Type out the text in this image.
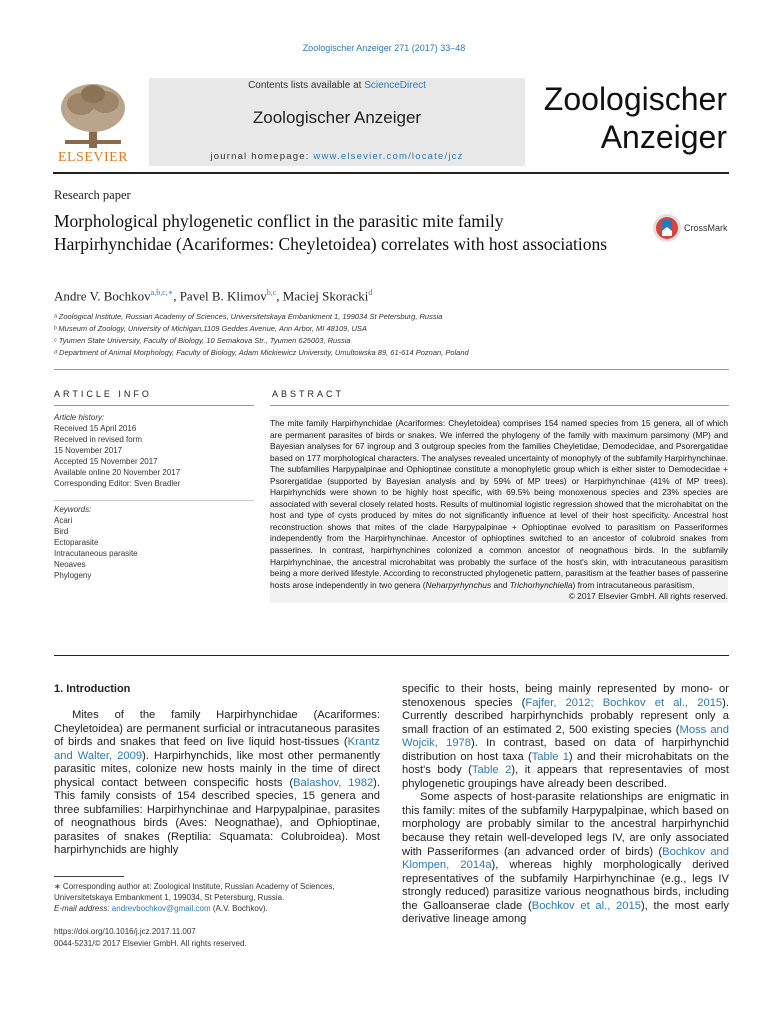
Zoologischer Anzeiger 271 (2017) 33–48
ELSEVIER
Contents lists available at ScienceDirect
Zoologischer Anzeiger
journal homepage: www.elsevier.com/locate/jcz
Zoologischer
Anzeiger
Research paper
Morphological phylogenetic conflict in the parasitic mite family Harpirhynchidae (Acariformes: Cheyletoidea) correlates with host associations
CrossMark
Andre V. Bochkov$^{a,b,c,∗}$, Pavel B. Klimov$^{b,c}$, Maciej Skoracki$^d$
ᵃ Zoological Institute, Russian Academy of Sciences, Universitetskaya Embankment 1, 199034 St Petersburg, Russia
ᵇ Museum of Zoology, University of Michigan,1109 Geddes Avenue, Ann Arbor, MI 48109, USA
ᶜ Tyumen State University, Faculty of Biology, 10 Semakova Str., Tyumen 625003, Russia
ᵈ Department of Animal Morphology, Faculty of Biology, Adam Mickiewicz University, Umultowska 89, 61-614 Poznan, Poland
ARTICLE INFO	ABSTRACT
Article history:
Received 15 April 2016
Received in revised form
15 November 2017
Accepted 15 November 2017
Available online 20 November 2017
Corresponding Editor: Sven Bradler
Keywords:
Acari
Bird
Ectoparasite
Intracutaneous parasite
Neoaves
Phylogeny
The mite family Harpirhynchidae (Acariformes: Cheyletoidea) comprises 154 named species from 15 genera, all of which are permanent parasites of birds or snakes. We inferred the phylogeny of the family with maximum parsimony (MP) and Bayesian analyses for 67 ingroup and 3 outgroup species from the families Cheyletidae, Demodecidae, and Psorergatidae based on 177 morphological characters. The analyses revealed uncertainty of monophyly of the subfamily Harpirhynchinae. The subfamilies Harpypalpinae and Ophioptinae constitute a monophyletic group which is either sister to Demodecidae + Psorergatidae (supported by Bayesian analysis and by 59% of MP trees) or Harpirhynchinae (41% of MP trees). Harpirhynchids were shown to be highly host specific, with 69.5% being monoxenous species and 23% species are associated with several closely related hosts. Results of multinomial logistic regression showed that the microhabitat on the host and type of cysts produced by mites do not significantly influence at level of their host specificity. Ancestral host reconstruction shows that mites of the clade Harpypalpinae + Ophioptinae evolved to parasitism on Passeriformes independently from the Harpirhynchinae. Ancestor of ophioptines switched to an ancestor of colubroid snakes from passerines. In contrast, harpirhynchines colonized a common ancestor of neognathous birds. In the subfamily Harpirhynchinae, the ancestral microhabitat was probably the surface of the host's skin, with intracutaneous parasitism being a more derived lifestyle. According to reconstructed phylogenetic pattern, parasitism at the feather bases of passerine hosts arose independently in two genera (Neharpyrhynchus and Trichorhynchiella) from intracutaneous parasitism.
© 2017 Elsevier GmbH. All rights reserved.
1. Introduction

Mites of the family Harpirhynchidae (Acariformes: Cheyletoidea) are permanent surficial or intracutaneous parasites of birds and snakes that feed on live liquid host-tissues (Krantz and Walter, 2009). Harpirhynchids, like most other permanently parasitic mites, colonize new hosts mainly in the time of direct physical contact between conspecific hosts (Balashov, 1982). This family consists of 154 described species, 15 genera and three subfamilies: Harpirhynchinae and Harpypalpinae, parasites of neognathous birds (Aves: Neognathae), and Ophioptinae, parasites of snakes (Reptilia: Squamata: Colubroidea). Most harpirhynchids are highly

specific to their hosts, being mainly represented by mono- or stenoxenous species (Fajfer, 2012; Bochkov et al., 2015). Currently described harpirhynchids probably represent only a small fraction of an estimated 2, 500 existing species (Moss and Wojcik, 1978). In contrast, based on data of harpirhynchid distribution on host taxa (Table 1) and their microhabitats on the host's body (Table 2), it appears that representavies of most phylogenetic groupings have already been described.

Some aspects of host-parasite relationships are enigmatic in this family: mites of the subfamily Harpypalpinae, which based on morphology are probably similar to the ancestral harpirhynchid because they retain well-developed legs IV, are only associated with Passeriformes (an advanced order of birds) (Bochkov and Klompen, 2014a), whereas highly morphologically derived representatives of the subfamily Harpirhynchinae (e.g., legs IV strongly reduced) parasitize various neognathous birds, including the Galloanserae clade (Bochkov et al., 2015), the most early derivative lineage among

∗ Corresponding author at: Zoological Institute, Russian Academy of Sciences, Universitetskaya Embankment 1, 199034, St Petersburg, Russia.
E-mail address: andrevbochkov@gmail.com (A.V. Bochkov).
https://doi.org/10.1016/j.jcz.2017.11.007
0044-5231/© 2017 Elsevier GmbH. All rights reserved.
